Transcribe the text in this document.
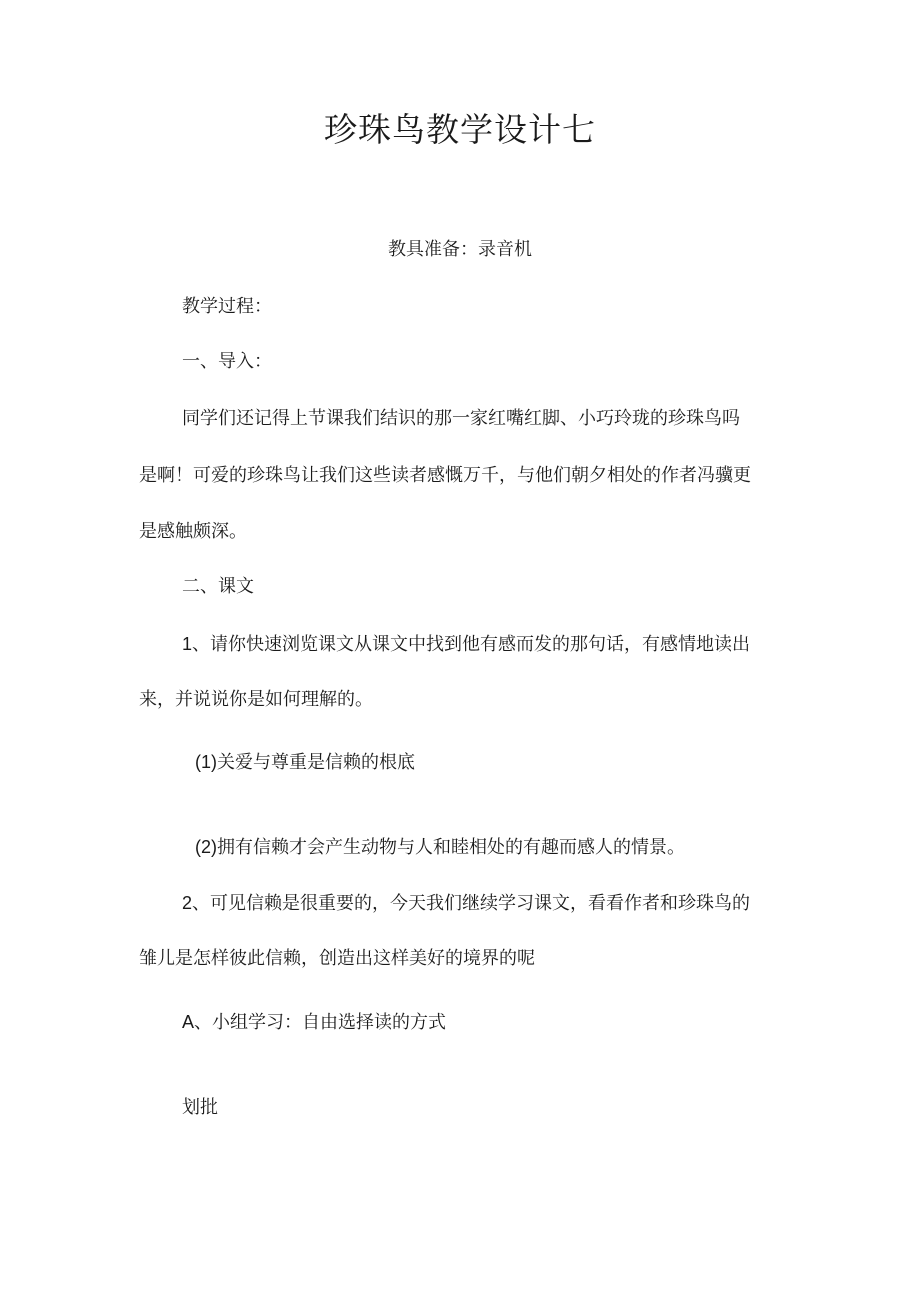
珍珠鸟教学设计七
教具准备：录音机
教学过程：
一、导入：
同学们还记得上节课我们结识的那一家红嘴红脚、小巧玲珑的珍珠鸟吗
是啊！可爱的珍珠鸟让我们这些读者感慨万千，与他们朝夕相处的作者冯骥更
是感触颇深。
二、课文
1、请你快速浏览课文从课文中找到他有感而发的那句话，有感情地读出
来，并说说你是如何理解的。
(1)关爱与尊重是信赖的根底
(2)拥有信赖才会产生动物与人和睦相处的有趣而感人的情景。
2、可见信赖是很重要的，今天我们继续学习课文，看看作者和珍珠鸟的
雏儿是怎样彼此信赖，创造出这样美好的境界的呢
A、小组学习：自由选择读的方式
划批
